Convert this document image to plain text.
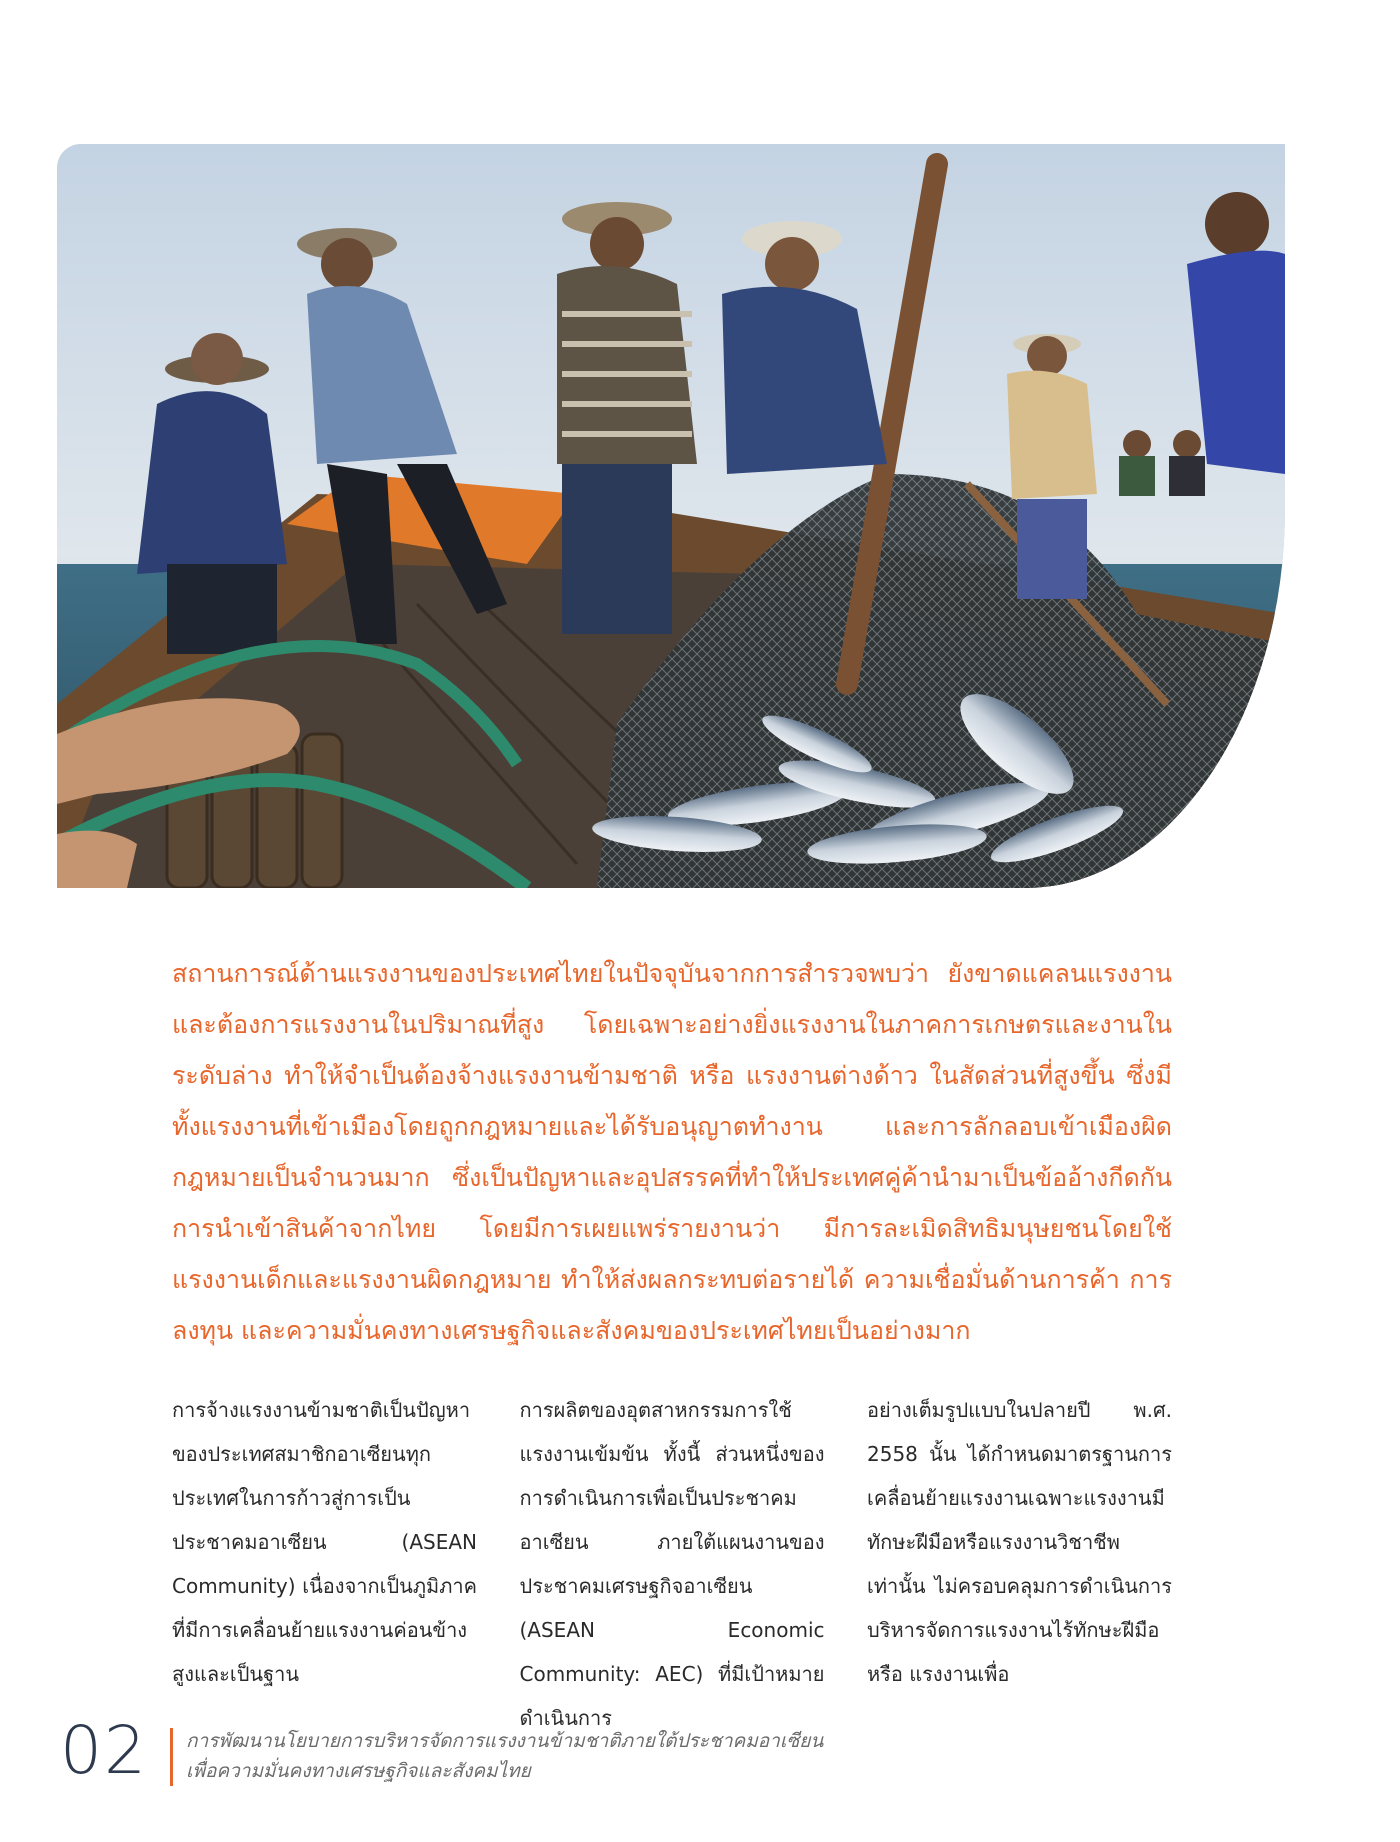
สถานการณ์ด้านแรงงานของประเทศไทยในปัจจุบันจากการสำรวจพบว่า ยังขาดแคลนแรงงานและต้องการแรงงานในปริมาณที่สูง โดยเฉพาะอย่างยิ่งแรงงานในภาคการเกษตรและงานในระดับล่าง ทำให้จำเป็นต้องจ้างแรงงานข้ามชาติ หรือ แรงงานต่างด้าว ในสัดส่วนที่สูงขึ้น ซึ่งมีทั้งแรงงานที่เข้าเมืองโดยถูกกฎหมายและได้รับอนุญาตทำงาน และการลักลอบเข้าเมืองผิดกฎหมายเป็นจำนวนมาก ซึ่งเป็นปัญหาและอุปสรรคที่ทำให้ประเทศคู่ค้านำมาเป็นข้ออ้างกีดกันการนำเข้าสินค้าจากไทย โดยมีการเผยแพร่รายงานว่า มีการละเมิดสิทธิมนุษยชนโดยใช้แรงงานเด็กและแรงงานผิดกฎหมาย ทำให้ส่งผลกระทบต่อรายได้ ความเชื่อมั่นด้านการค้า การลงทุน และความมั่นคงทางเศรษฐกิจและสังคมของประเทศไทยเป็นอย่างมาก

การจ้างแรงงานข้ามชาติเป็นปัญหาของประเทศสมาชิกอาเซียนทุกประเทศในการก้าวสู่การเป็นประชาคมอาเซียน (ASEAN Community) เนื่องจากเป็นภูมิภาคที่มีการเคลื่อนย้ายแรงงานค่อนข้างสูงและเป็นฐาน

การผลิตของอุตสาหกรรมการใช้แรงงานเข้มข้น ทั้งนี้ ส่วนหนึ่งของการดำเนินการเพื่อเป็นประชาคมอาเซียน ภายใต้แผนงานของประชาคมเศรษฐกิจอาเซียน (ASEAN Economic Community: AEC) ที่มีเป้าหมายดำเนินการ

อย่างเต็มรูปแบบในปลายปี พ.ศ. 2558 นั้น ได้กำหนดมาตรฐานการเคลื่อนย้ายแรงงานเฉพาะแรงงานมีทักษะฝีมือหรือแรงงานวิชาชีพเท่านั้น ไม่ครอบคลุมการดำเนินการบริหารจัดการแรงงานไร้ทักษะฝีมือ หรือ แรงงานเพื่อ

02 การพัฒนานโยบายการบริหารจัดการแรงงานข้ามชาติภายใต้ประชาคมอาเซียน
เพื่อความมั่นคงทางเศรษฐกิจและสังคมไทย
